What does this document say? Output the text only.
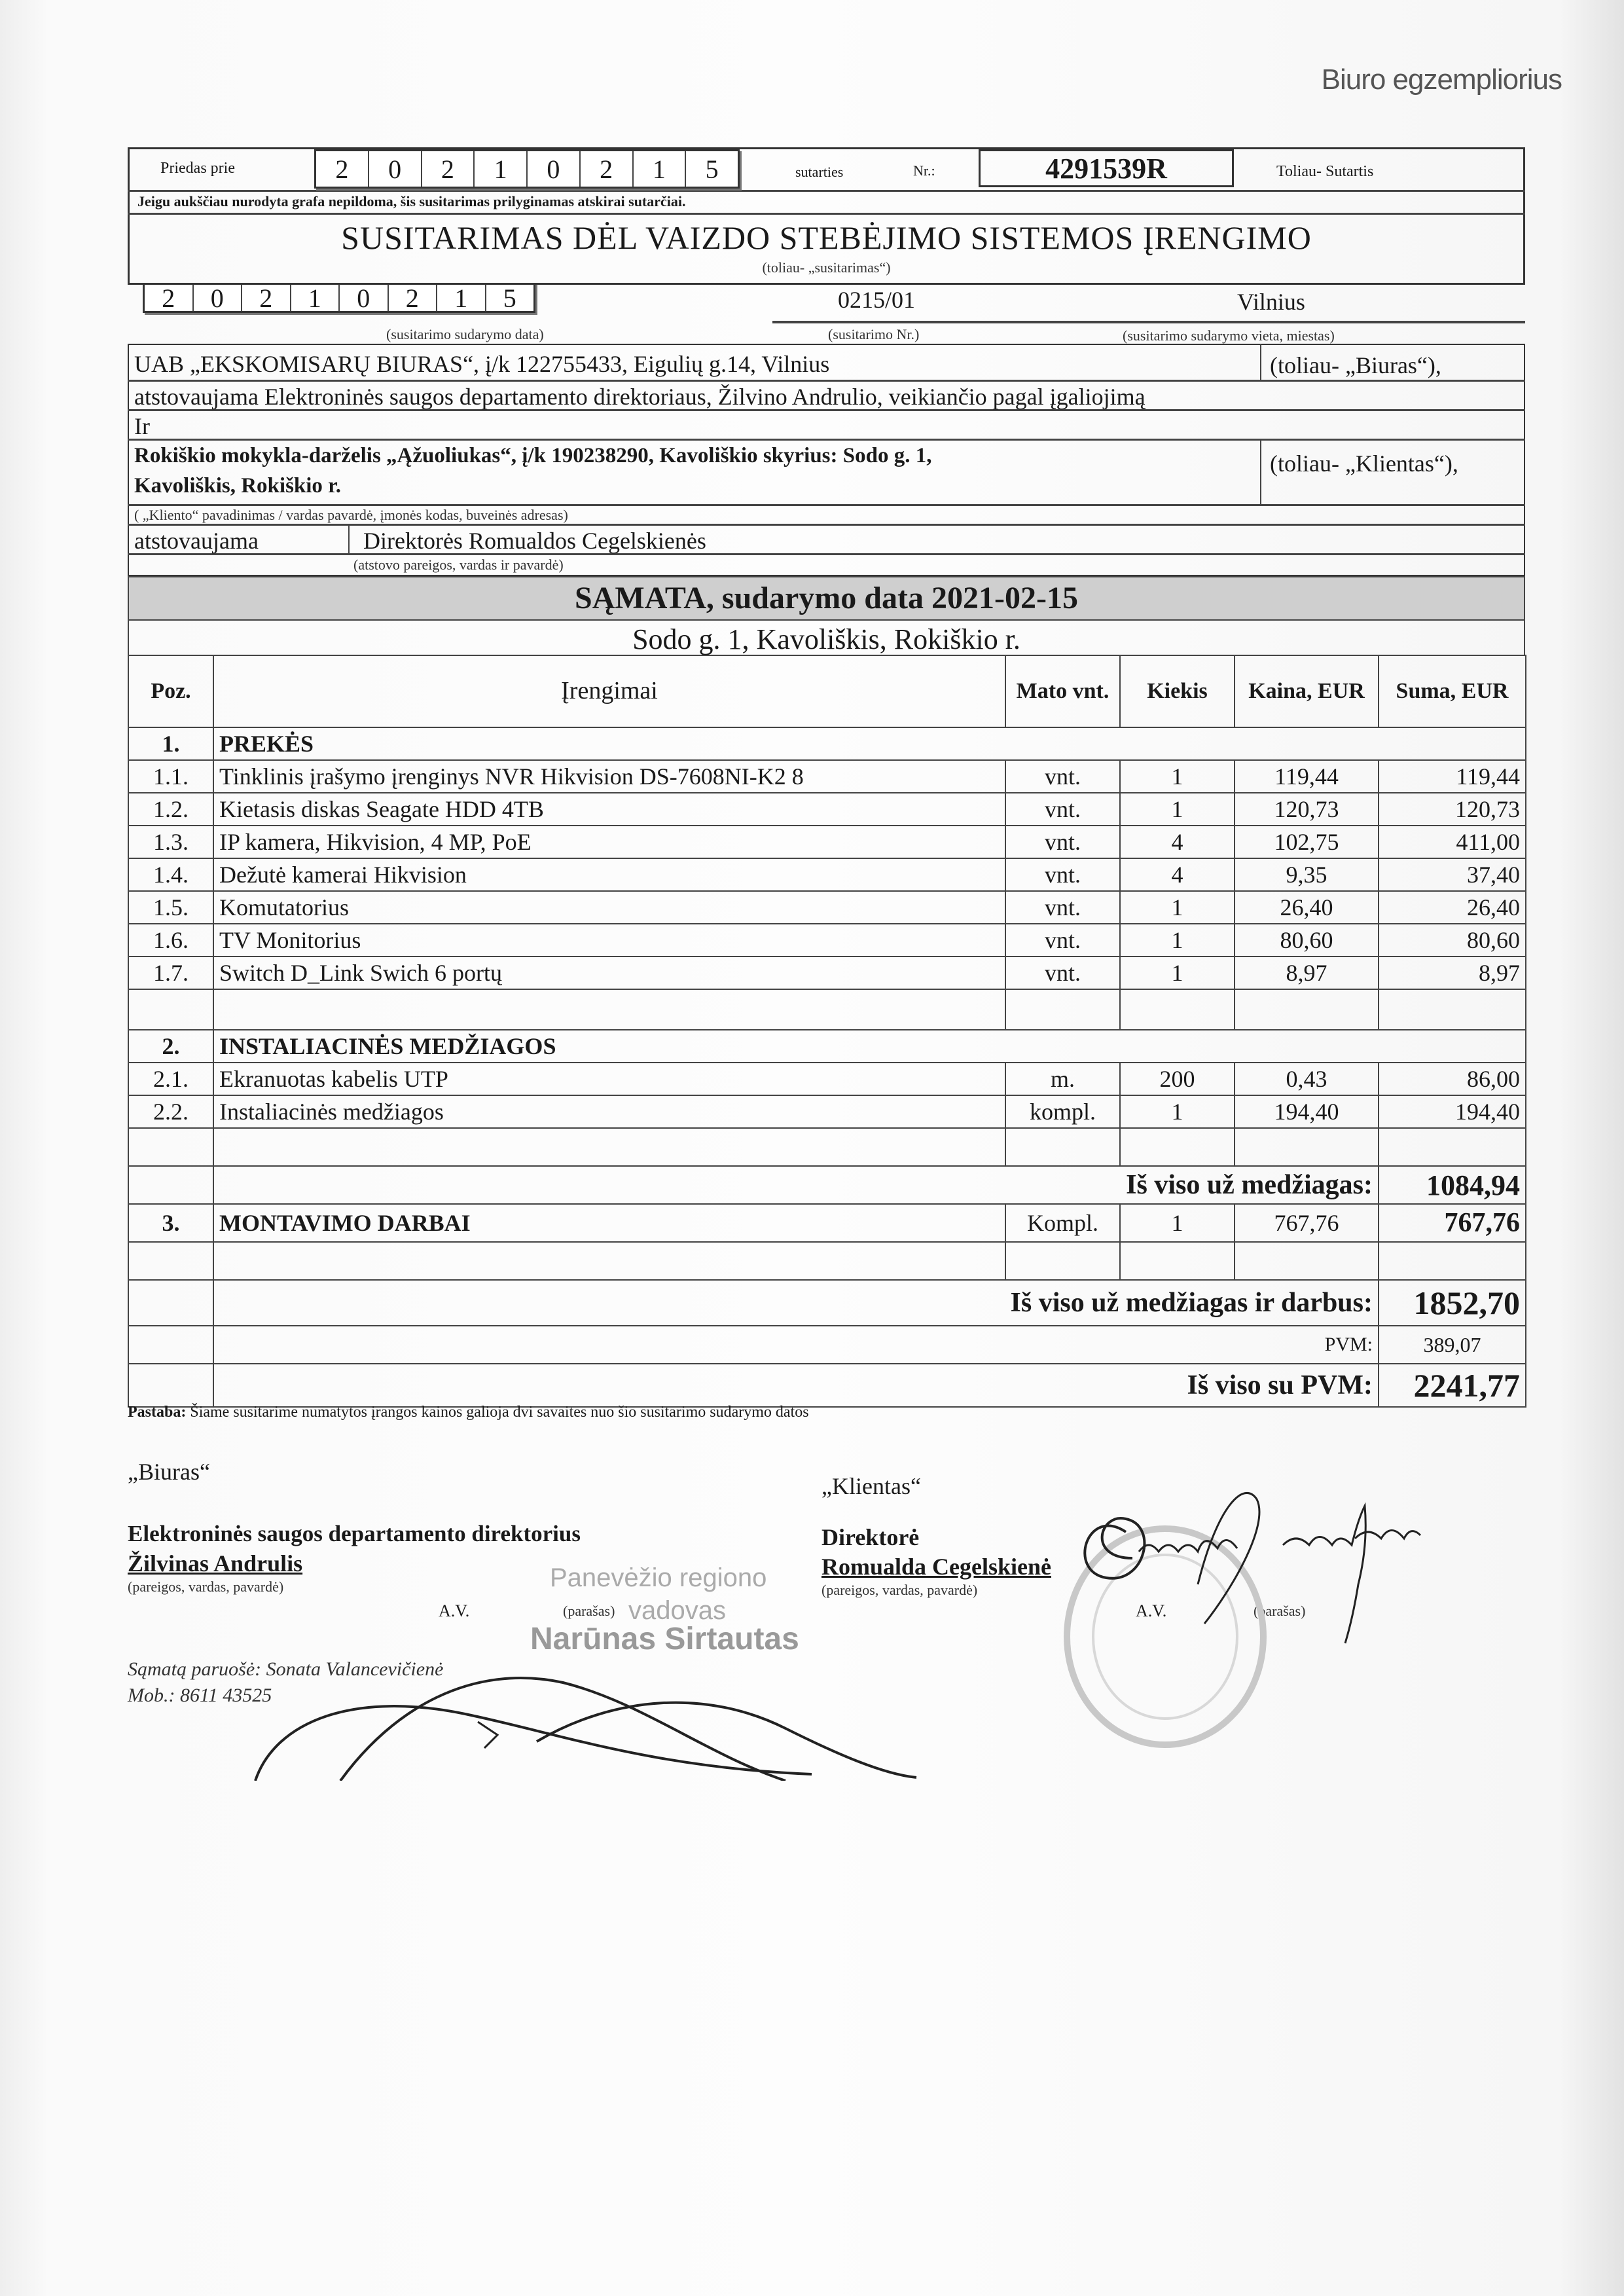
Biuro egzempliorius
Priedas prie	2	0	2	1	0	2	1	5	sutarties	Nr.:	4291539R	Toliau- Sutartis
Jeigu aukščiau nurodyta grafa nepildoma, šis susitarimas prilyginamas atskirai sutarčiai.
SUSITARIMAS DĖL VAIZDO STEBĖJIMO SISTEMOS ĮRENGIMO
(toliau- „susitarimas“)
2	0	2	1	0	2	1	5	0215/01	Vilnius
(susitarimo sudarymo data)	(susitarimo Nr.)	(susitarimo sudarymo vieta, miestas)
UAB „EKSKOMISARŲ BIURAS“, į/k 122755433, Eigulių g.14, Vilnius	(toliau- „Biuras“),
atstovaujama Elektroninės saugos departamento direktoriaus, Žilvino Andrulio, veikiančio pagal įgaliojimą
Ir
Rokiškio mokykla-darželis „Ąžuoliukas“, į/k 190238290, Kavoliškio skyrius: Sodo g. 1,
Kavoliškis, Rokiškio r.
(toliau- „Klientas“),
( „Kliento“ pavadinimas / vardas pavardė, įmonės kodas, buveinės adresas)
atstovaujama	Direktorės Romualdos Cegelskienės
(atstovo pareigos, vardas ir pavardė)
SĄMATA, sudarymo data 2021-02-15
Sodo g. 1, Kavoliškis, Rokiškio r.
Poz.	Įrengimai	Mato vnt.	Kiekis	Kaina, EUR	Suma, EUR
1.	PREKĖS				
1.1.	Tinklinis įrašymo įrenginys NVR Hikvision DS-7608NI-K2 8	vnt.	1	119,44	119,44
1.2.	Kietasis diskas Seagate HDD 4TB	vnt.	1	120,73	120,73
1.3.	IP kamera, Hikvision, 4 MP, PoE	vnt.	4	102,75	411,00
1.4.	Dežutė kamerai Hikvision	vnt.	4	9,35	37,40
1.5.	Komutatorius	vnt.	1	26,40	26,40
1.6.	TV Monitorius	vnt.	1	80,60	80,60
1.7.	Switch D_Link Swich 6 portų	vnt.	1	8,97	8,97

2.	INSTALIACINĖS MEDŽIAGOS				
2.1.	Ekranuotas kabelis UTP	m.	200	0,43	86,00
2.2.	Instaliacinės medžiagos	kompl.	1	194,40	194,40

	Iš viso už medžiagas:				1084,94
3.	MONTAVIMO DARBAI	Kompl.	1	767,76	767,76

	Iš viso už medžiagas ir darbus:				1852,70
	PVM:				389,07
	Iš viso su PVM:				2241,77
Pastaba: Šiame susitarime numatytos įrangos kainos galioja dvi savaites nuo šio susitarimo sudarymo datos
„Biuras“
Elektroninės saugos departamento direktorius
Žilvinas Andrulis
(pareigos, vardas, pavardė)
A.V.	(parašas)
Panevėžio regiono
vadovas
Narūnas Sirtautas
Sąmatą paruošė: Sonata Valancevičienė
Mob.: 8611 43525
„Klientas“
Direktorė
Romualda Cegelskienė
(pareigos, vardas, pavardė)
A.V.	(parašas)
